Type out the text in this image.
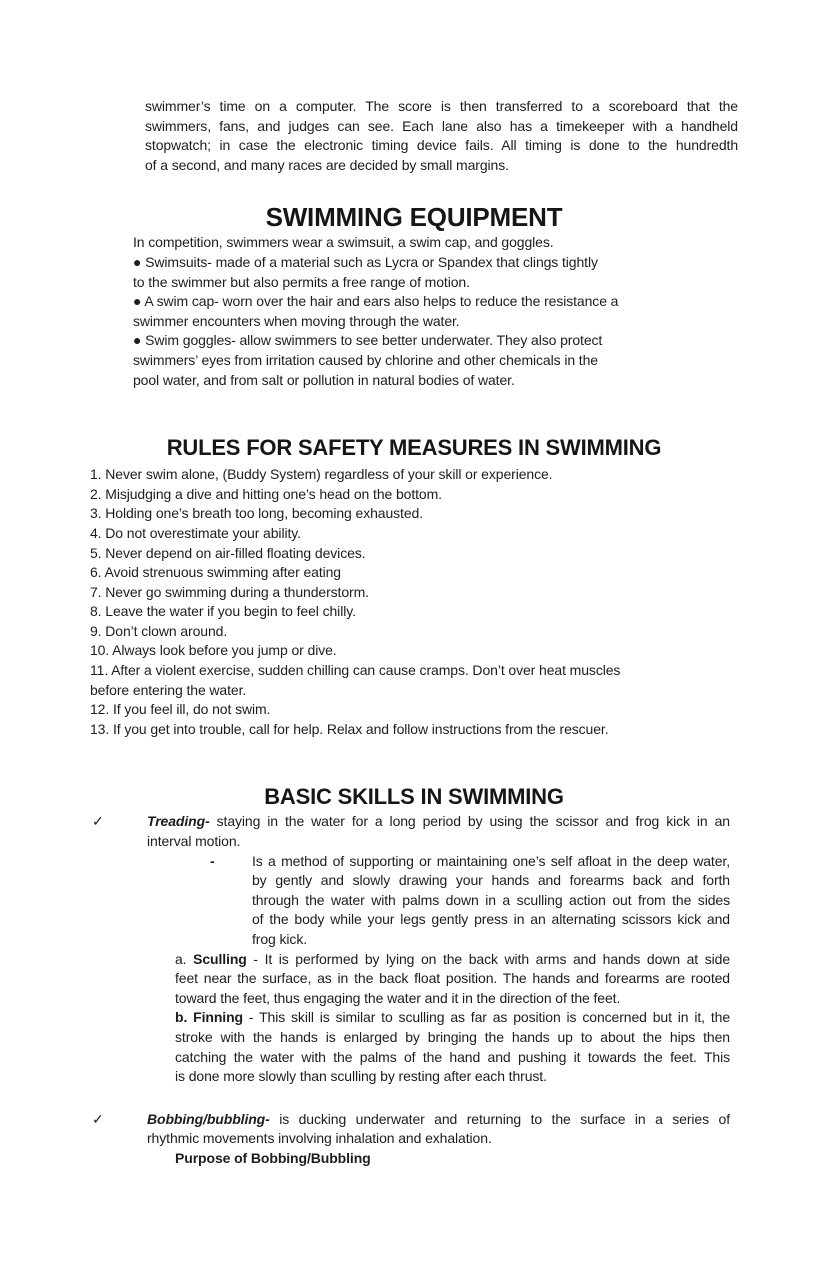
swimmer’s time on a computer. The score is then transferred to a scoreboard that the
swimmers, fans, and judges can see. Each lane also has a timekeeper with a handheld
stopwatch; in case the electronic timing device fails. All timing is done to the hundredth
of a second, and many races are decided by small margins.
SWIMMING EQUIPMENT
In competition, swimmers wear a swimsuit, a swim cap, and goggles.
● Swimsuits- made of a material such as Lycra or Spandex that clings tightly
to the swimmer but also permits a free range of motion.
● A swim cap- worn over the hair and ears also helps to reduce the resistance a
swimmer encounters when moving through the water.
● Swim goggles- allow swimmers to see better underwater. They also protect
swimmers’ eyes from irritation caused by chlorine and other chemicals in the
pool water, and from salt or pollution in natural bodies of water.
RULES FOR SAFETY MEASURES IN SWIMMING
1. Never swim alone, (Buddy System) regardless of your skill or experience.
2. Misjudging a dive and hitting one’s head on the bottom.
3. Holding one’s breath too long, becoming exhausted.
4. Do not overestimate your ability.
5. Never depend on air-filled floating devices.
6. Avoid strenuous swimming after eating
7. Never go swimming during a thunderstorm.
8. Leave the water if you begin to feel chilly.
9. Don’t clown around.
10. Always look before you jump or dive.
11. After a violent exercise, sudden chilling can cause cramps. Don’t over heat muscles
before entering the water.
12. If you feel ill, do not swim.
13. If you get into trouble, call for help. Relax and follow instructions from the rescuer.
BASIC SKILLS IN SWIMMING
✓	Treading- staying in the water for a long period by using the scissor and frog kick in an
interval motion.
-	Is a method of supporting or maintaining one’s self afloat in the deep water,
by gently and slowly drawing your hands and forearms back and forth
through the water with palms down in a sculling action out from the sides
of the body while your legs gently press in an alternating scissors kick and
frog kick.
a. Sculling - It is performed by lying on the back with arms and hands down at side
feet near the surface, as in the back float position. The hands and forearms are rooted
toward the feet, thus engaging the water and it in the direction of the feet.
b. Finning - This skill is similar to sculling as far as position is concerned but in it, the
stroke with the hands is enlarged by bringing the hands up to about the hips then
catching the water with the palms of the hand and pushing it towards the feet. This
is done more slowly than sculling by resting after each thrust.
✓	Bobbing/bubbling- is ducking underwater and returning to the surface in a series of
rhythmic movements involving inhalation and exhalation.
Purpose of Bobbing/Bubbling
